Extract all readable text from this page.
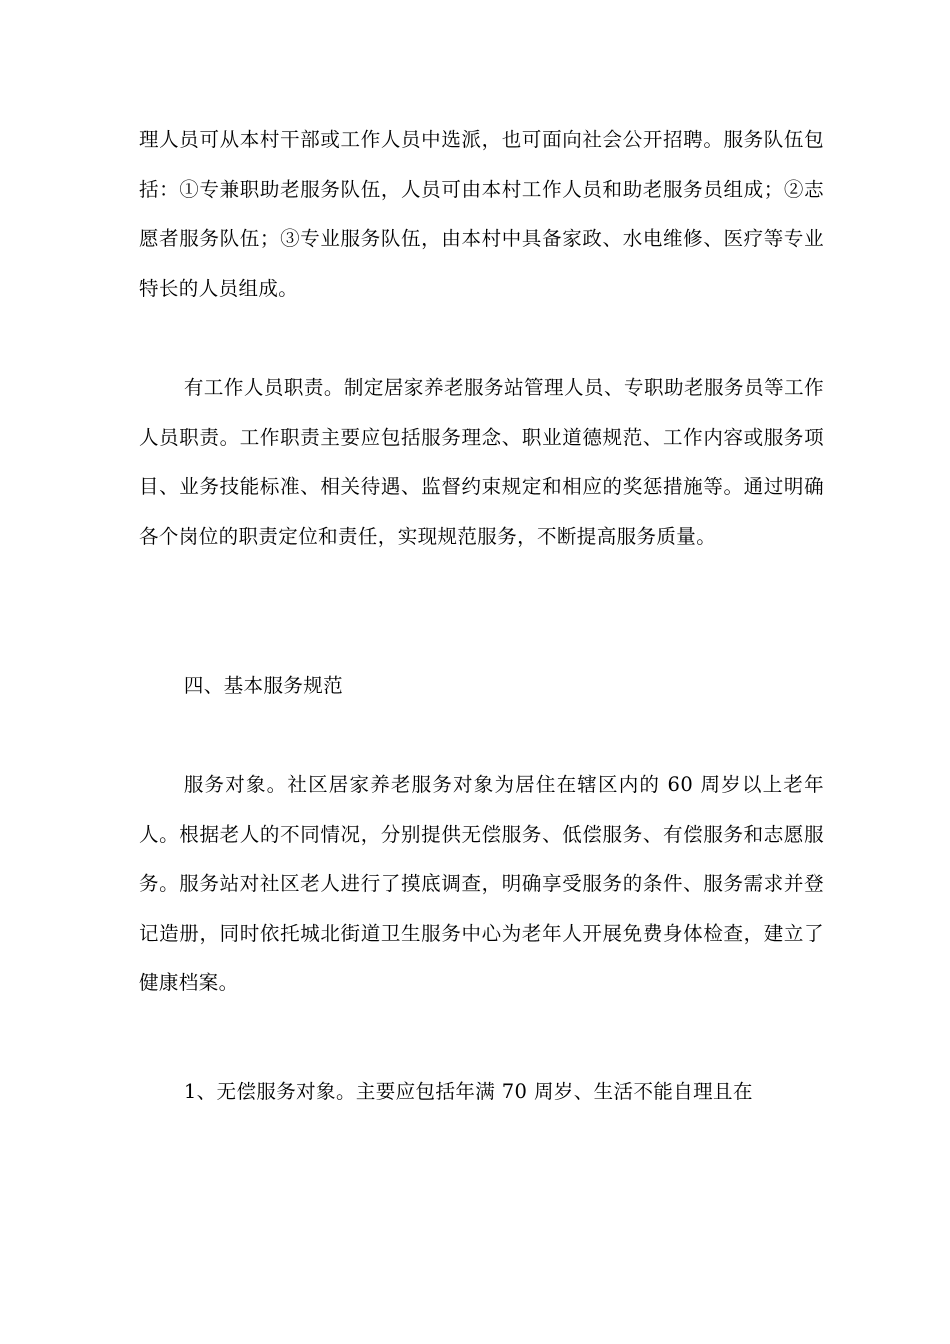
理人员可从本村干部或工作人员中选派，也可面向社会公开招聘。服务队伍包括：①专兼职助老服务队伍，人员可由本村工作人员和助老服务员组成；②志愿者服务队伍；③专业服务队伍，由本村中具备家政、水电维修、医疗等专业特长的人员组成。

有工作人员职责。制定居家养老服务站管理人员、专职助老服务员等工作人员职责。工作职责主要应包括服务理念、职业道德规范、工作内容或服务项目、业务技能标准、相关待遇、监督约束规定和相应的奖惩措施等。通过明确各个岗位的职责定位和责任，实现规范服务，不断提高服务质量。

四、基本服务规范

服务对象。社区居家养老服务对象为居住在辖区内的 60 周岁以上老年人。根据老人的不同情况，分别提供无偿服务、低偿服务、有偿服务和志愿服务。服务站对社区老人进行了摸底调查，明确享受服务的条件、服务需求并登记造册，同时依托城北街道卫生服务中心为老年人开展免费身体检查，建立了健康档案。

1、无偿服务对象。主要应包括年满 70 周岁、生活不能自理且在
